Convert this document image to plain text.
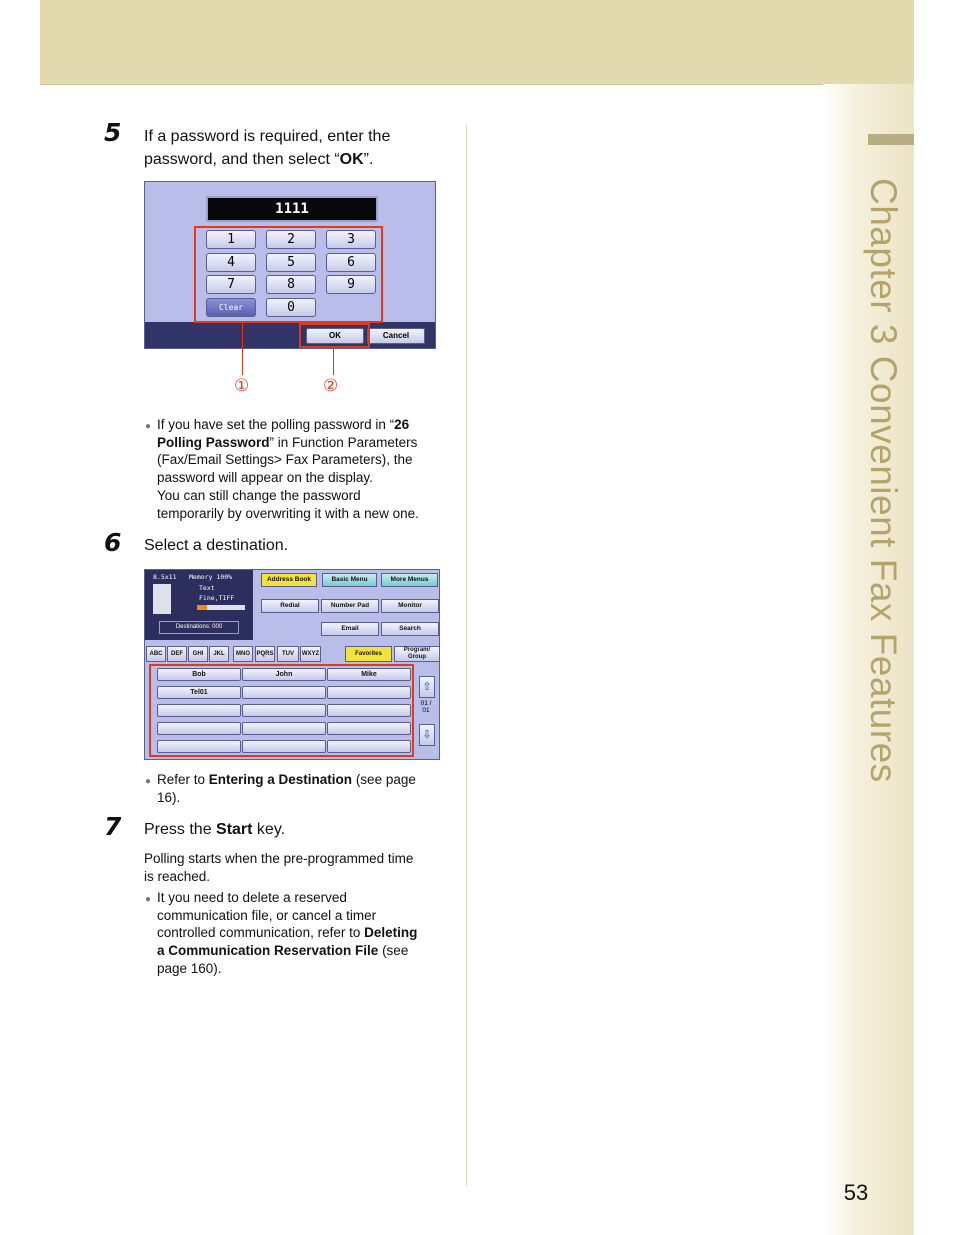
Chapter 3 Convenient Fax Features
53
5 If a password is required, enter the
password, and then select “OK”.
1111
1	2	3
4	5	6
7	8	9
Clear	0
OK	Cancel
①	②
● If you have set the polling password in “26
Polling Password” in Function Parameters
(Fax/Email Settings> Fax Parameters), the
password will appear on the display.
You can still change the password
temporarily by overwriting it with a new one.
6 Select a destination.
8.5x11 Memory 100%
Text
Fine,TIFF
Destinations: 000
Address Book	Basic Menu	More Menus
Redial	Number Pad	Monitor
Email	Search
ABC	DEF	GHI	JKL	MNO	PQRS	TUV	WXYZ	Favorites
Program/ Group
Bob	John	Mike
Tel01	⇧
01 / 01
⇩
● Refer to Entering a Destination (see page
16).
7 Press the Start key.
Polling starts when the pre-programmed time
is reached.
● It you need to delete a reserved
communication file, or cancel a timer
controlled communication, refer to Deleting
a Communication Reservation File (see
page 160).
